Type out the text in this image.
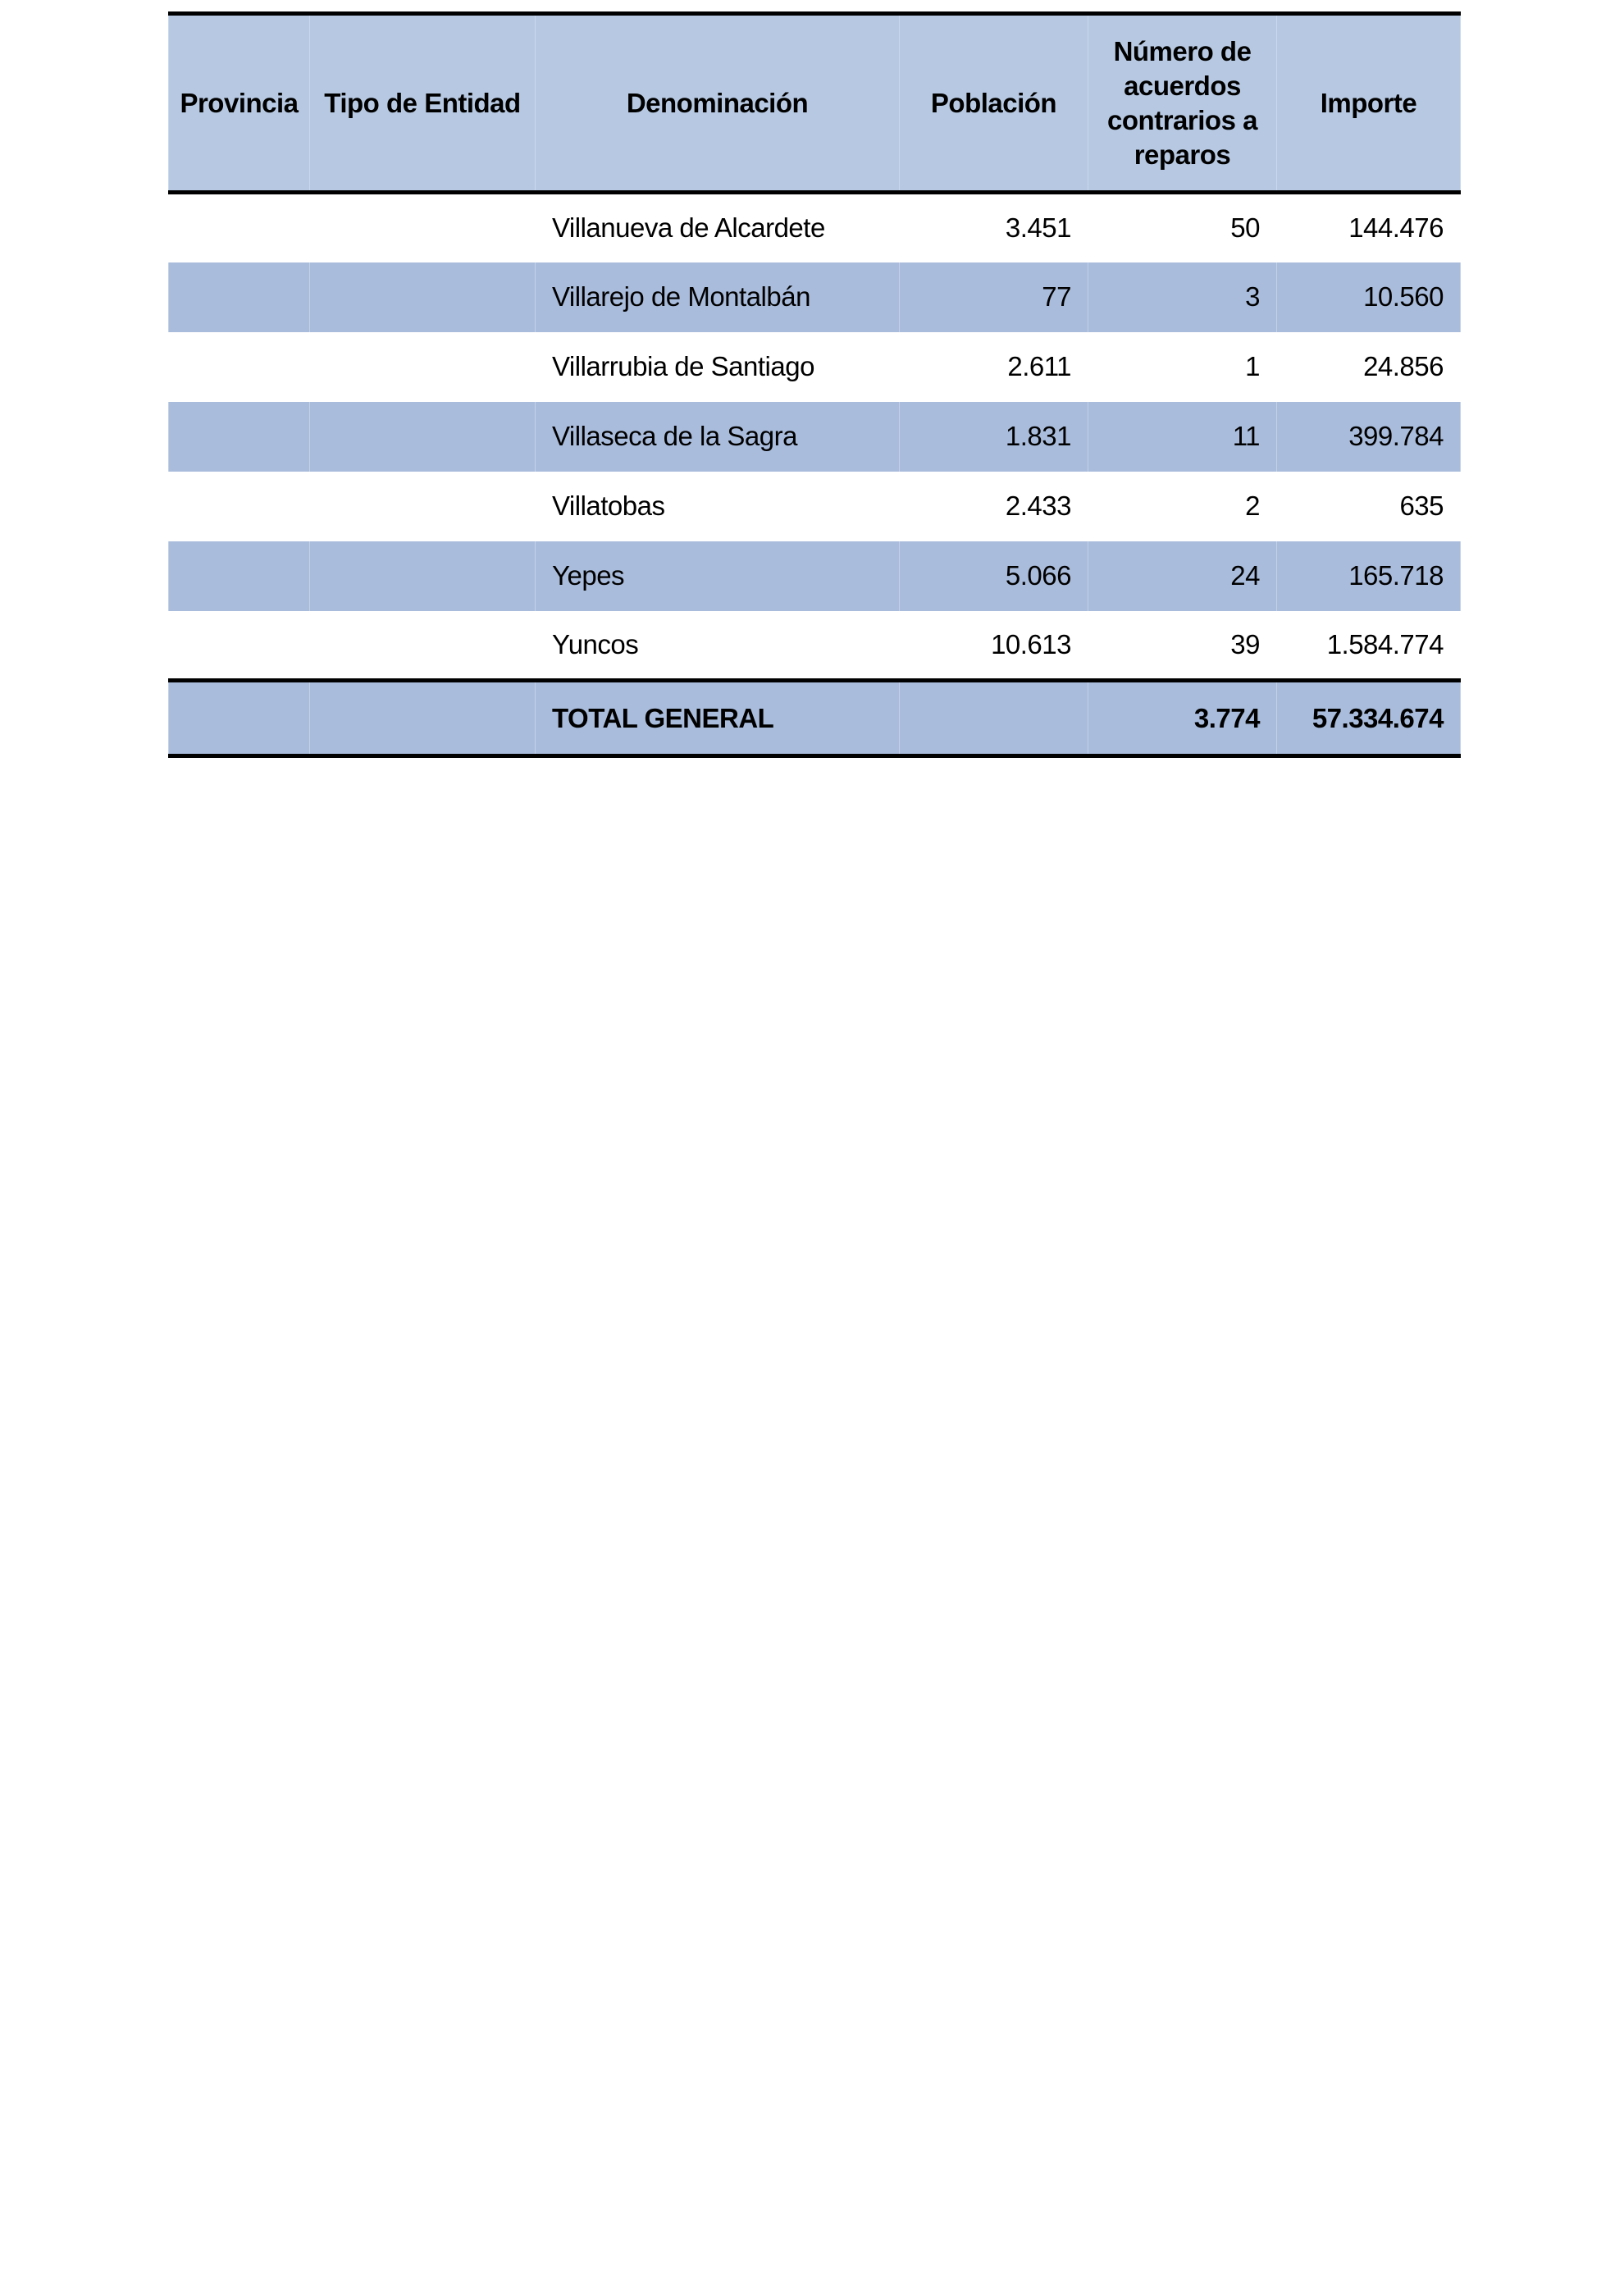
Provincia	Tipo de Entidad	Denominación	Población	Número de acuerdos contrarios a reparos	Importe
		Villanueva de Alcardete	3.451	50	144.476
		Villarejo de Montalbán	77	3	10.560
		Villarrubia de Santiago	2.611	1	24.856
		Villaseca de la Sagra	1.831	11	399.784
		Villatobas	2.433	2	635
		Yepes	5.066	24	165.718
		Yuncos	10.613	39	1.584.774
		TOTAL GENERAL		3.774	57.334.674
